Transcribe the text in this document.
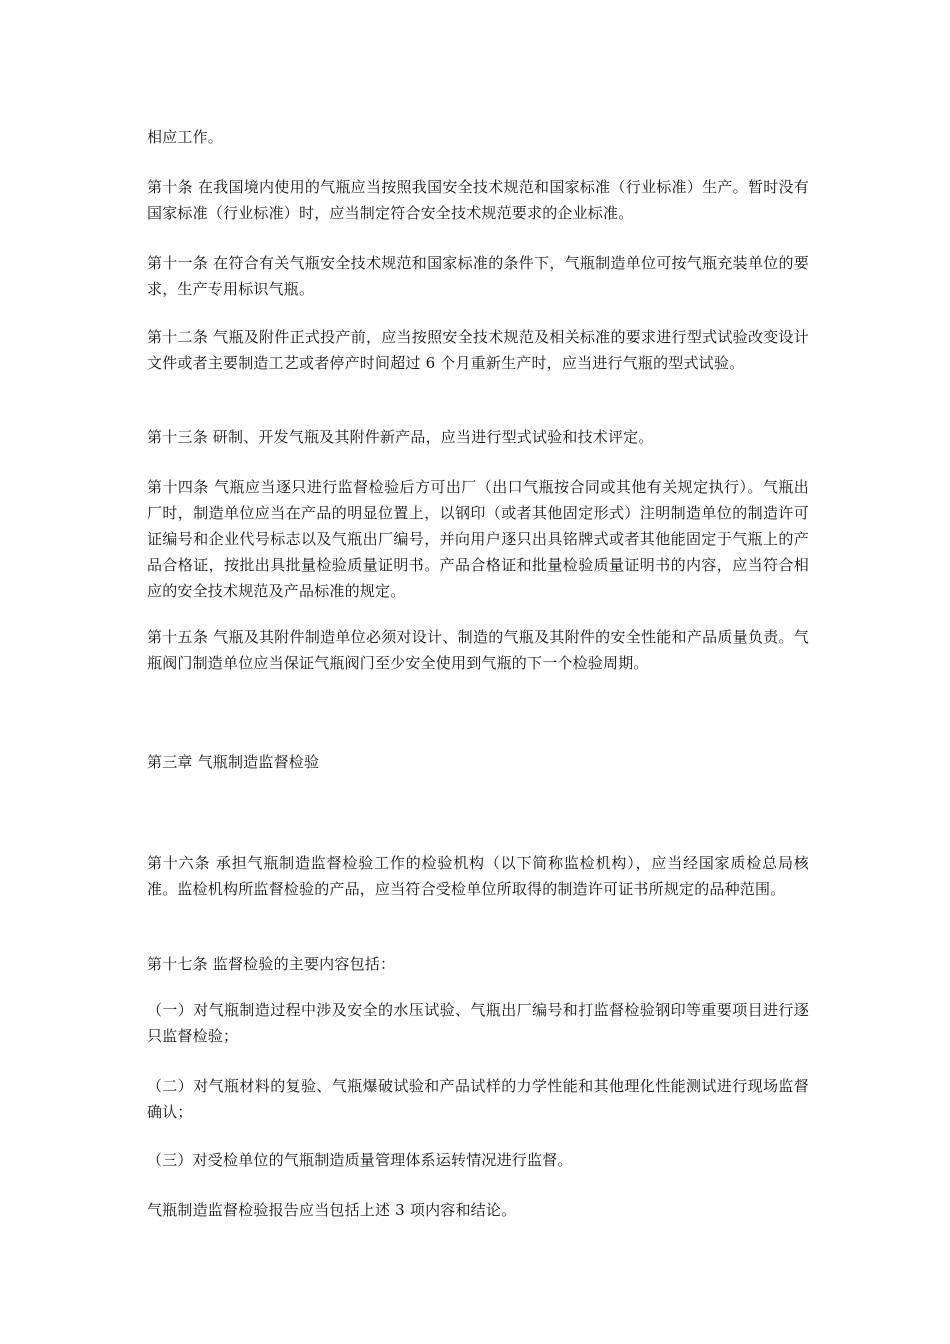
相应工作。

第十条 在我国境内使用的气瓶应当按照我国安全技术规范和国家标准（行业标准）生产。暂时没有国家标准（行业标准）时，应当制定符合安全技术规范要求的企业标准。

第十一条 在符合有关气瓶安全技术规范和国家标准的条件下，气瓶制造单位可按气瓶充装单位的要求，生产专用标识气瓶。

第十二条 气瓶及附件正式投产前，应当按照安全技术规范及相关标准的要求进行型式试验改变设计文件或者主要制造工艺或者停产时间超过 6 个月重新生产时，应当进行气瓶的型式试验。

第十三条 研制、开发气瓶及其附件新产品，应当进行型式试验和技术评定。

第十四条 气瓶应当逐只进行监督检验后方可出厂（出口气瓶按合同或其他有关规定执行）。气瓶出厂时，制造单位应当在产品的明显位置上，以钢印（或者其他固定形式）注明制造单位的制造许可证编号和企业代号标志以及气瓶出厂编号，并向用户逐只出具铭牌式或者其他能固定于气瓶上的产品合格证，按批出具批量检验质量证明书。产品合格证和批量检验质量证明书的内容，应当符合相应的安全技术规范及产品标准的规定。

第十五条 气瓶及其附件制造单位必须对设计、制造的气瓶及其附件的安全性能和产品质量负责。气瓶阀门制造单位应当保证气瓶阀门至少安全使用到气瓶的下一个检验周期。

第三章 气瓶制造监督检验

第十六条 承担气瓶制造监督检验工作的检验机构（以下简称监检机构），应当经国家质检总局核准。监检机构所监督检验的产品，应当符合受检单位所取得的制造许可证书所规定的品种范围。

第十七条 监督检验的主要内容包括：

（一）对气瓶制造过程中涉及安全的水压试验、气瓶出厂编号和打监督检验钢印等重要项目进行逐只监督检验；

（二）对气瓶材料的复验、气瓶爆破试验和产品试样的力学性能和其他理化性能测试进行现场监督确认；

（三）对受检单位的气瓶制造质量管理体系运转情况进行监督。

气瓶制造监督检验报告应当包括上述 3 项内容和结论。
